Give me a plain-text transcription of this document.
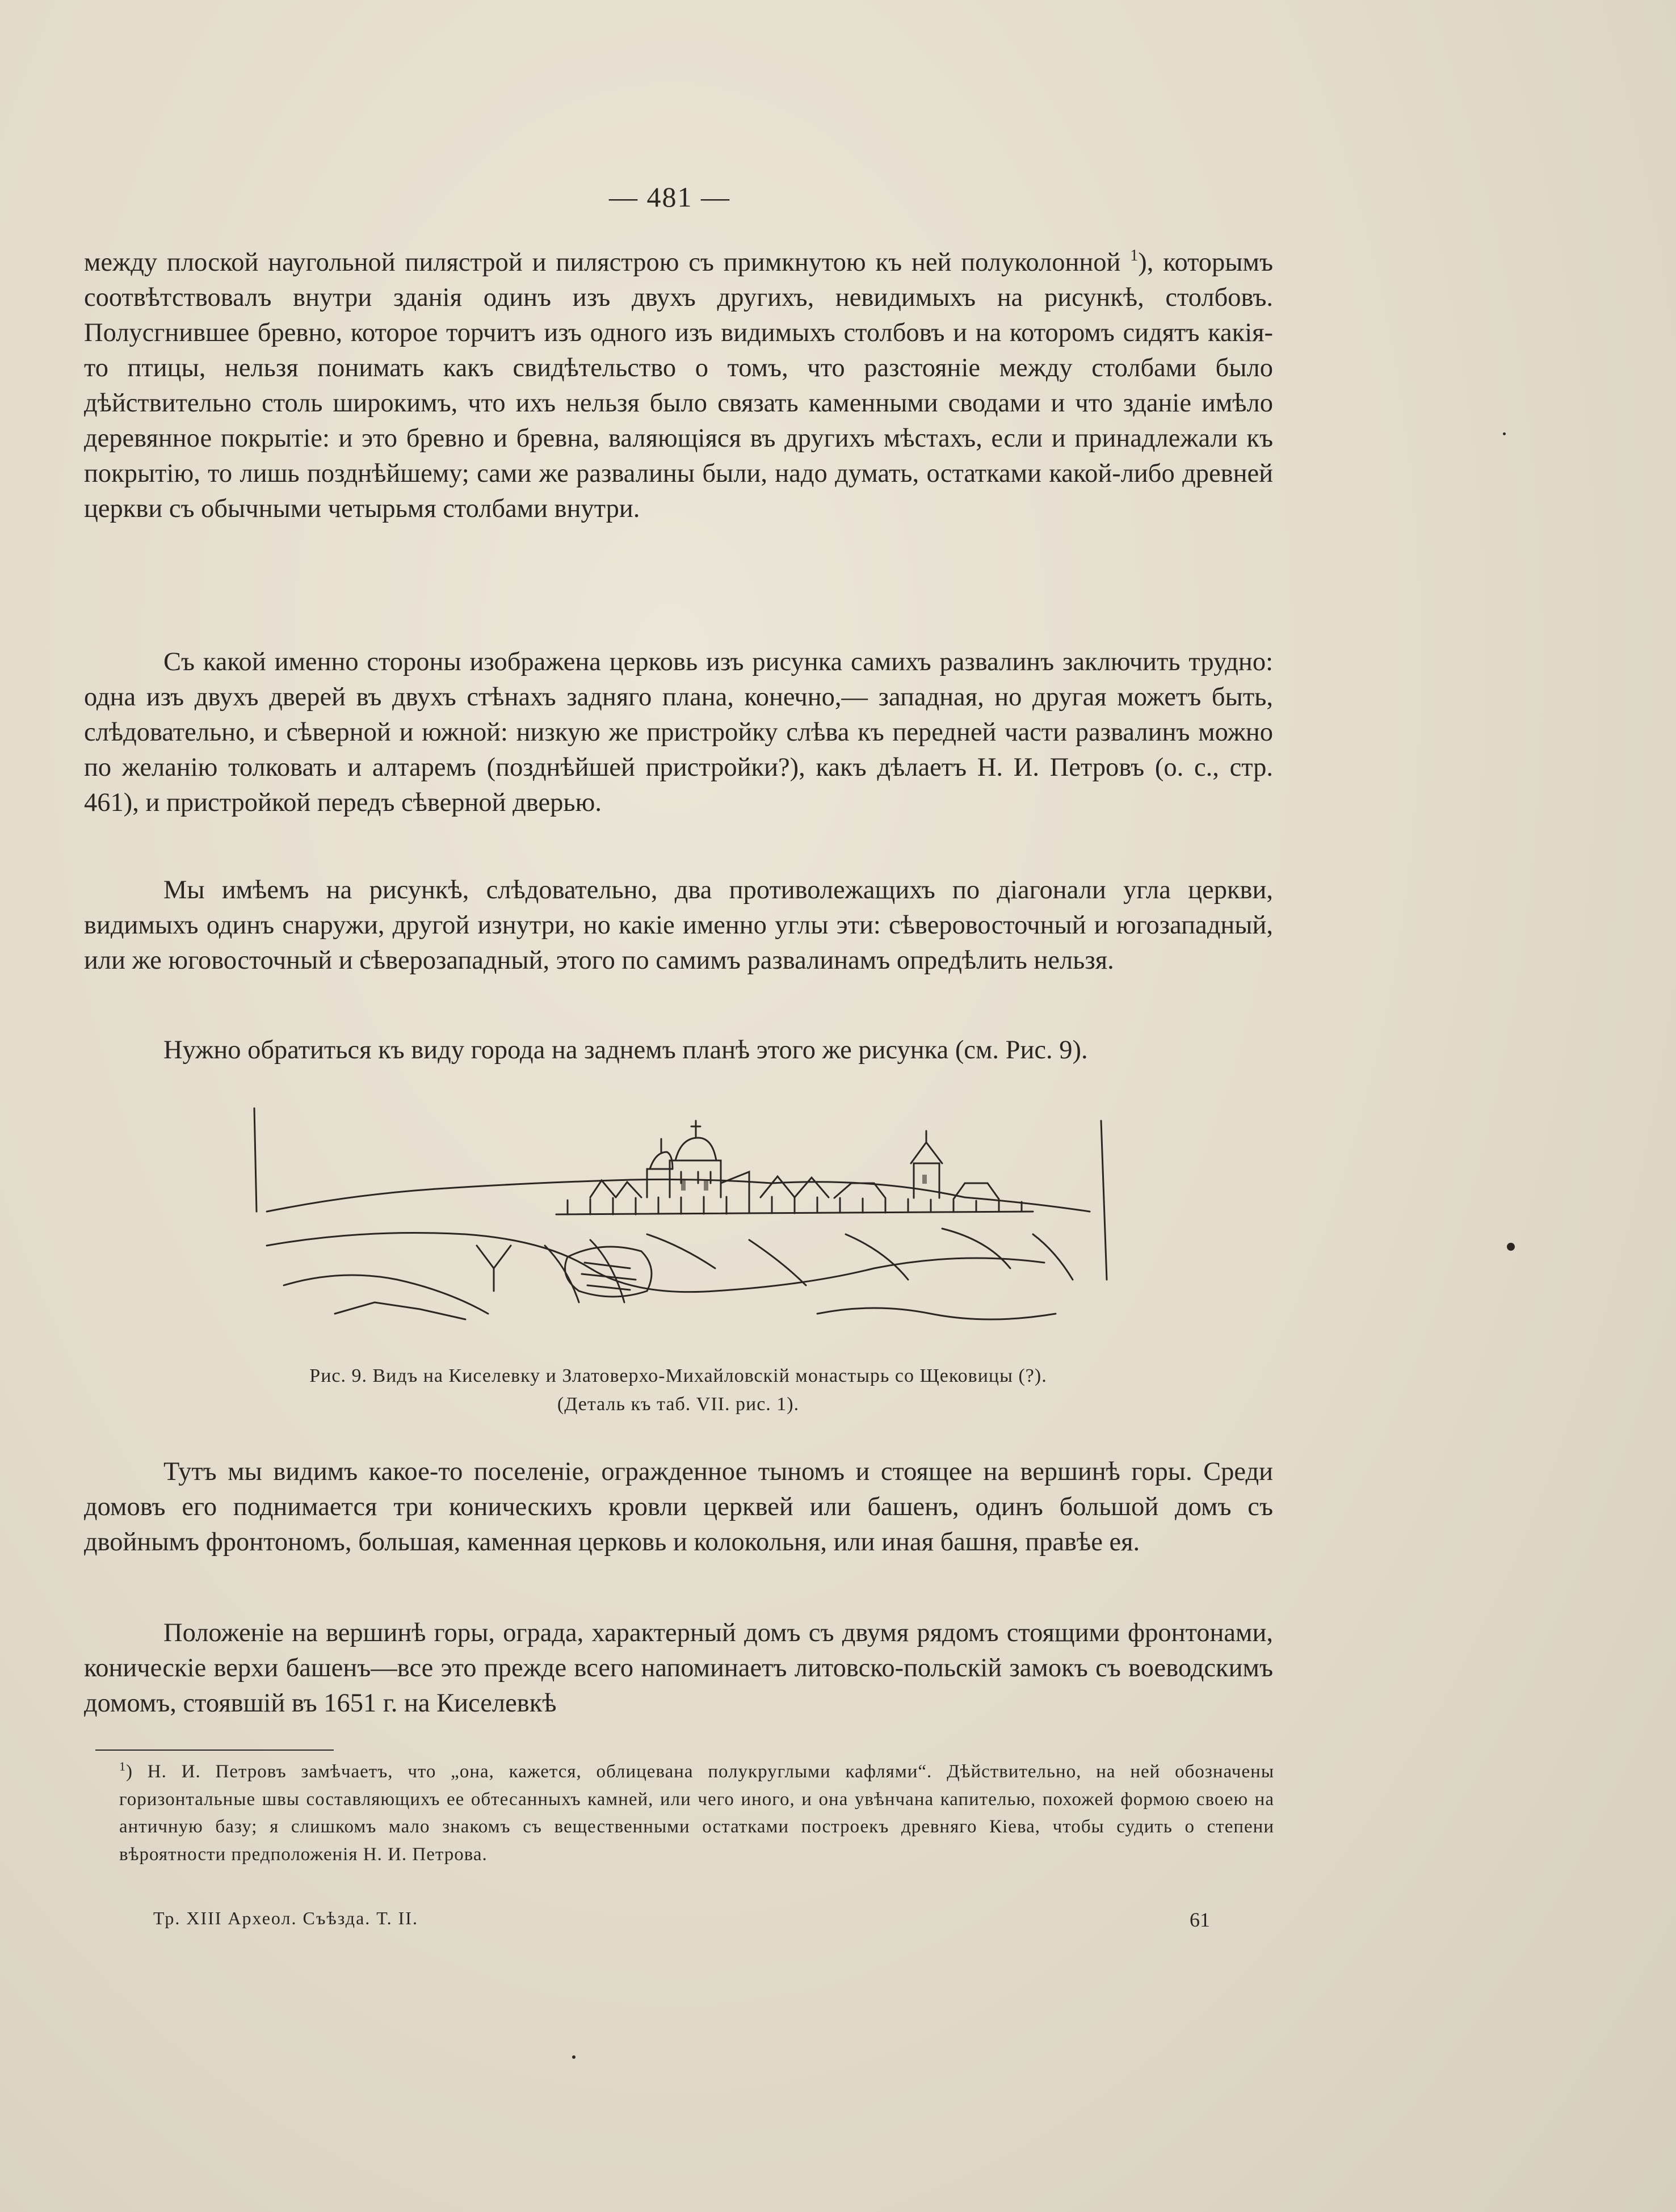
— 481 —

между плоской наугольной пилястрой и пилястрою съ примкнутою къ ней полуколонной $^1$), которымъ соотвѣтствовалъ внутри зданія одинъ изъ двухъ другихъ, невидимыхъ на рисункѣ, столбовъ. Полусгнившее бревно, которое торчитъ изъ одного изъ видимыхъ столбовъ и на которомъ сидятъ какія-то птицы, нельзя понимать какъ свидѣтельство о томъ, что разстояніе между столбами было дѣйствительно столь широкимъ, что ихъ нельзя было связать каменными сводами и что зданіе имѣло деревянное покрытіе: и это бревно и бревна, валяющіяся въ другихъ мѣстахъ, если и принадлежали къ покрытію, то лишь позднѣйшему; сами же развалины были, надо думать, остатками какой-либо древней церкви съ обычными четырьмя столбами внутри.

Съ какой именно стороны изображена церковь изъ рисунка самихъ развалинъ заключить трудно: одна изъ двухъ дверей въ двухъ стѣнахъ задняго плана, конечно,— западная, но другая можетъ быть, слѣдовательно, и сѣверной и южной: низкую же пристройку слѣва къ передней части развалинъ можно по желанію толковать и алтаремъ (позднѣйшей пристройки?), какъ дѣлаетъ Н. И. Петровъ (о. с., стр. 461), и пристройкой передъ сѣверной дверью.

Мы имѣемъ на рисункѣ, слѣдовательно, два противолежащихъ по діагонали угла церкви, видимыхъ одинъ снаружи, другой изнутри, но какіе именно углы эти: сѣверовосточный и югозападный, или же юговосточный и сѣверозападный, этого по самимъ развалинамъ опредѣлить нельзя.

Нужно обратиться къ виду города на заднемъ планѣ этого же рисунка (см. Рис. 9).

Рис. 9. Видъ на Киселевку и Златоверхо-Михайловскій монастырь со Щековицы (?).
(Деталь къ таб. VII. рис. 1).

Тутъ мы видимъ какое-то поселеніе, огражденное тыномъ и стоящее на вершинѣ горы. Среди домовъ его поднимается три коническихъ кровли церквей или башенъ, одинъ большой домъ съ двойнымъ фронтономъ, большая, каменная церковь и колокольня, или иная башня, правѣе ея.

Положеніе на вершинѣ горы, ограда, характерный домъ съ двумя рядомъ стоящими фронтонами, коническіе верхи башенъ—все это прежде всего напоминаетъ литовско-польскій замокъ съ воеводскимъ домомъ, стоявшій въ 1651 г. на Киселевкѣ

$^1$) Н. И. Петровъ замѣчаетъ, что „она, кажется, облицевана полукруглыми кафлями“. Дѣйствительно, на ней обозначены горизонтальные швы составляющихъ ее обтесанныхъ камней, или чего иного, и она увѣнчана капителью, похожей формою своею на античную базу; я слишкомъ мало знакомъ съ вещественными остатками построекъ древняго Кіева, чтобы судить о степени вѣроятности предположенія Н. И. Петрова.

Тр. XIII Археол. Съѣзда. Т. II.	61
